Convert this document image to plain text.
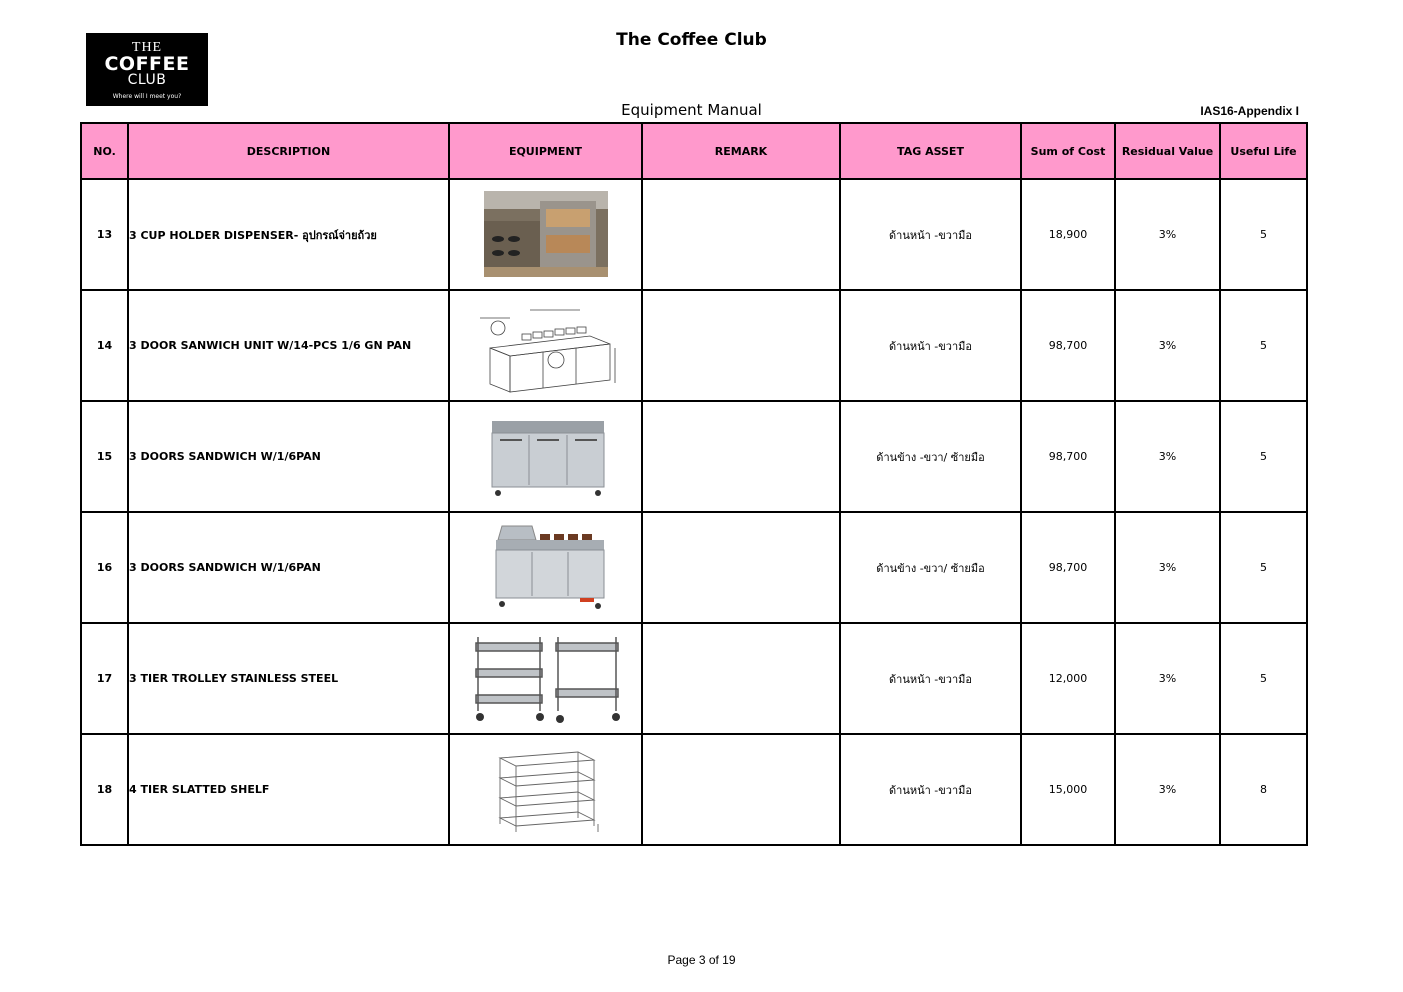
THE
COFFEE
CLUB
Where will I meet you?
The Coffee Club
Equipment Manual	IAS16-Appendix I
NO.	DESCRIPTION	EQUIPMENT	REMARK	TAG ASSET	Sum of Cost	Residual Value	Useful Life
13	3 CUP HOLDER DISPENSER- อุปกรณ์จ่ายถ้วย			ด้านหน้า -ขวามือ	18,900	3%	5
14	3 DOOR SANWICH UNIT W/14-PCS 1/6 GN PAN			ด้านหน้า -ขวามือ	98,700	3%	5
15	3 DOORS SANDWICH W/1/6PAN			ด้านข้าง -ขวา/ ซ้ายมือ	98,700	3%	5
16	3 DOORS SANDWICH W/1/6PAN			ด้านข้าง -ขวา/ ซ้ายมือ	98,700	3%	5
17	3 TIER TROLLEY STAINLESS STEEL			ด้านหน้า -ขวามือ	12,000	3%	5
18	4 TIER SLATTED SHELF			ด้านหน้า -ขวามือ	15,000	3%	8
Page 3 of 19
